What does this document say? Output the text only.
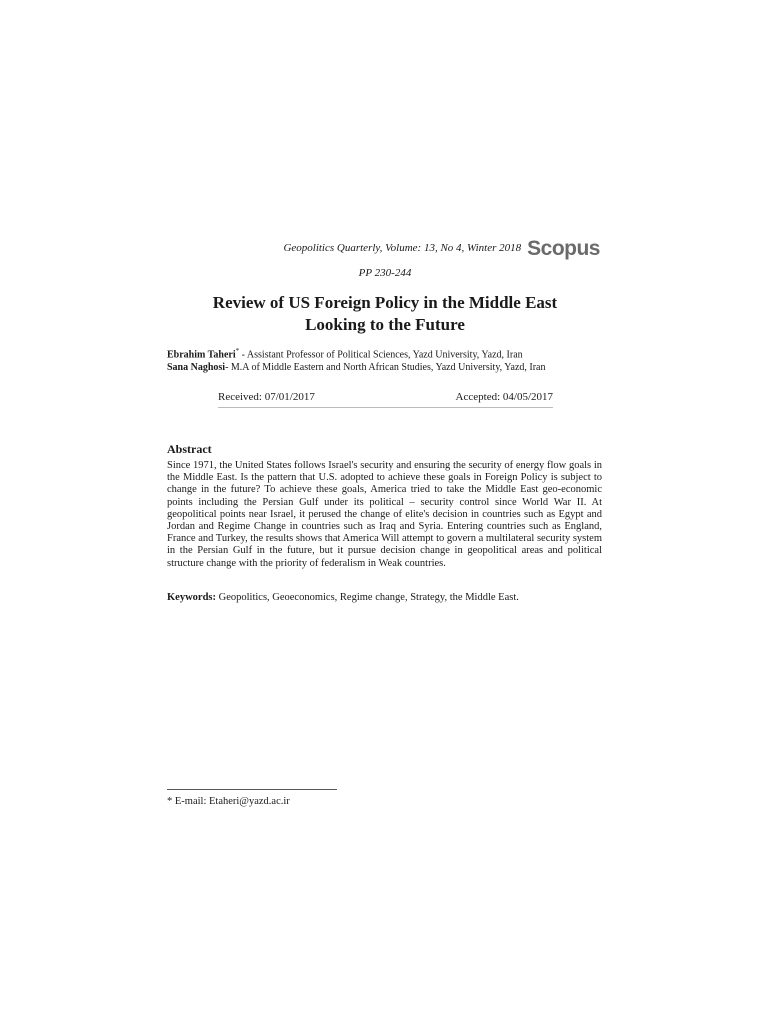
Geopolitics Quarterly, Volume: 13, No 4, Winter 2018 Scopus
PP 230-244
Review of US Foreign Policy in the Middle East
Looking to the Future
Ebrahim Taheri* - Assistant Professor of Political Sciences, Yazd University, Yazd, Iran
Sana Naghosi- M.A of Middle Eastern and North African Studies, Yazd University, Yazd, Iran
Received: 07/01/2017	Accepted: 04/05/2017
Abstract

Since 1971, the United States follows Israel's security and ensuring the security of energy flow goals in the Middle East. Is the pattern that U.S. adopted to achieve these goals in Foreign Policy is subject to change in the future? To achieve these goals, America tried to take the Middle East geo-economic points including the Persian Gulf under its political – security control since World War II. At geopolitical points near Israel, it perused the change of elite's decision in countries such as Egypt and Jordan and Regime Change in countries such as Iraq and Syria. Entering countries such as England, France and Turkey, the results shows that America Will attempt to govern a multilateral security system in the Persian Gulf in the future, but it pursue decision change in geopolitical areas and political structure change with the priority of federalism in Weak countries.

Keywords: Geopolitics, Geoeconomics, Regime change, Strategy, the Middle East.
* E-mail: Etaheri@yazd.ac.ir
